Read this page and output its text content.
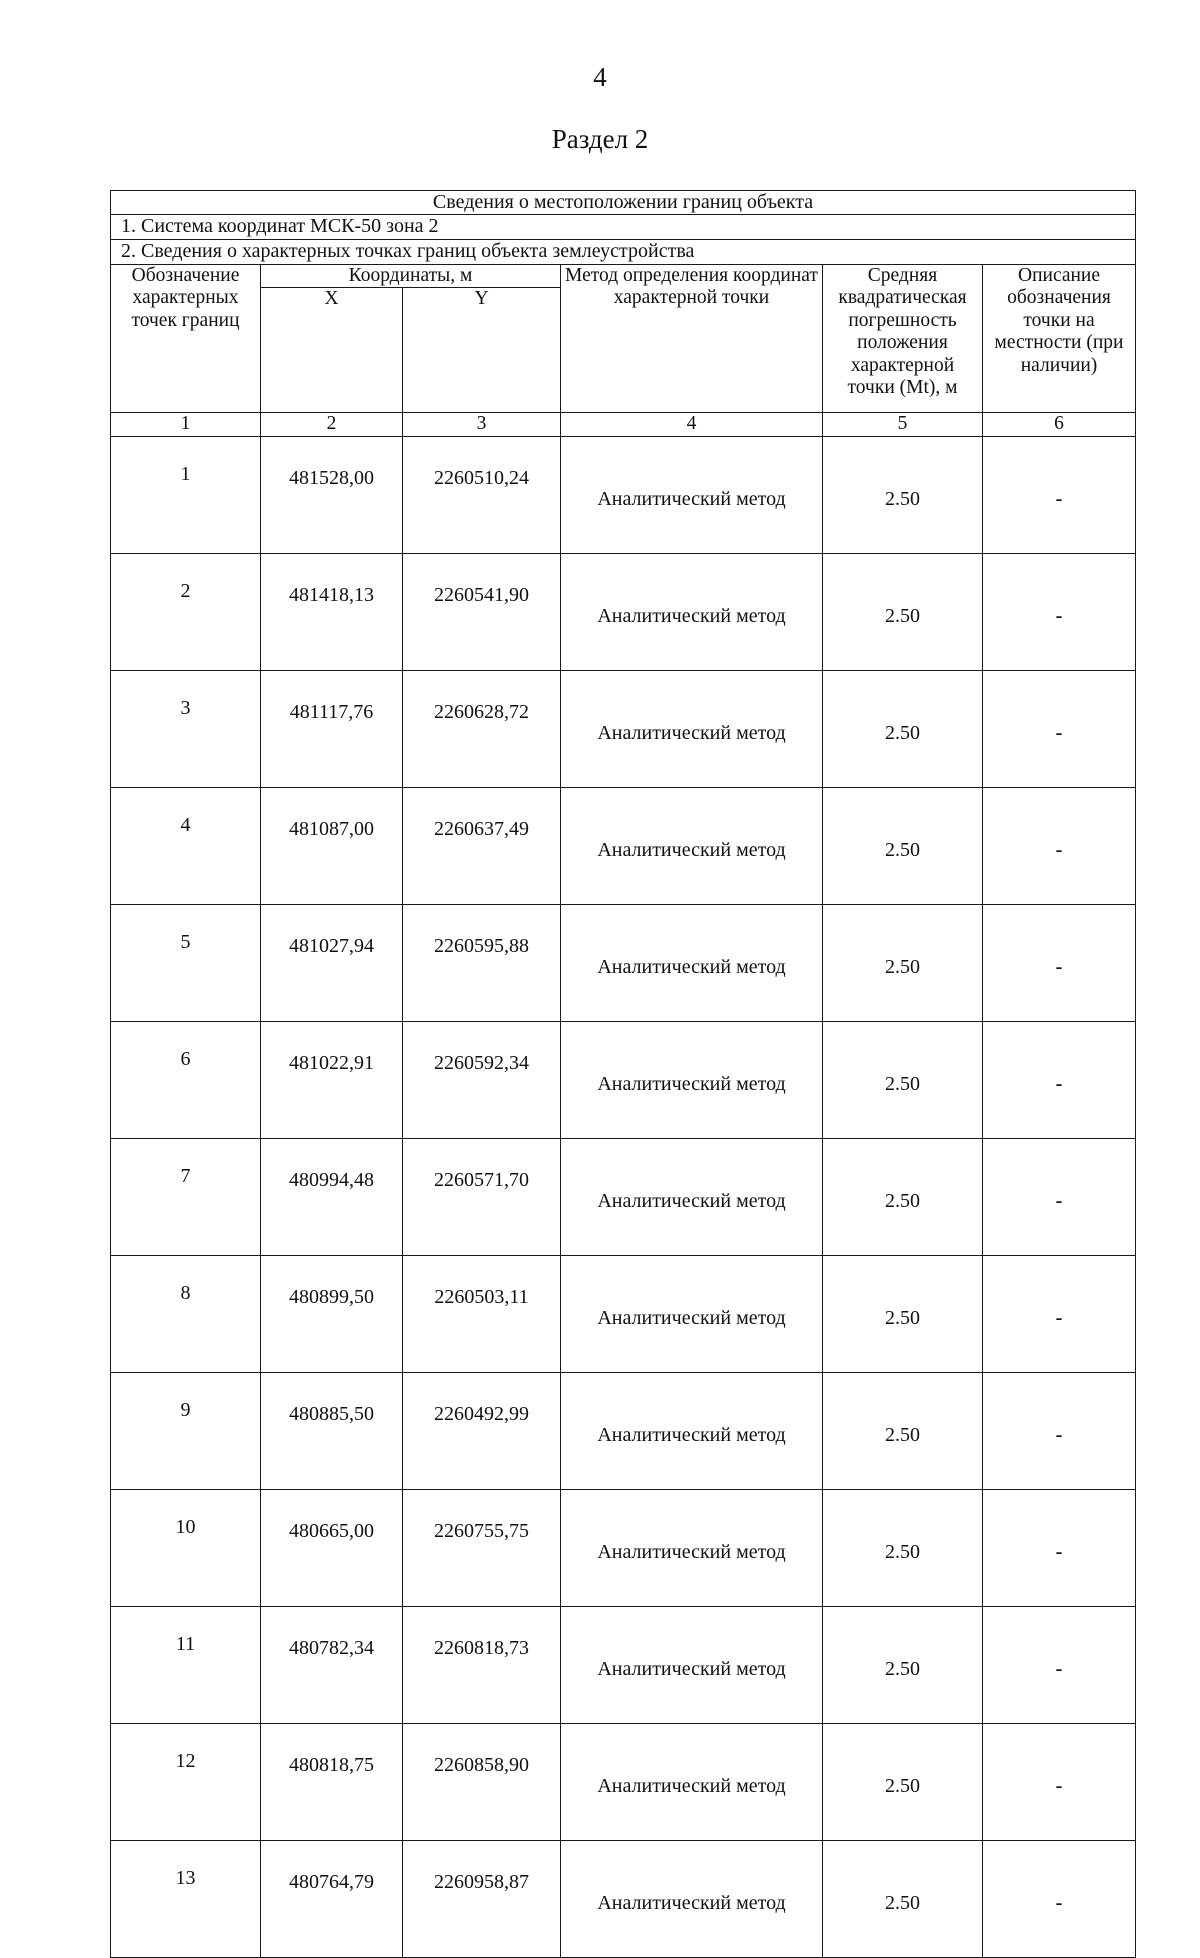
4
Раздел 2
Сведения о местоположении границ объекта					
1. Система координат МСК-50 зона 2					
2. Сведения о характерных точках границ объекта землеустройства					
Обозначение характерных точек границ	Координаты, м		Метод определения координат характерной точки	Средняя квадратическая погрешность положения характерной точки (Mt), м	Описание обозначения точки на местности (при наличии)
	X	Y			
1	2	3	4	5	6
1	481528,00	2260510,24	Аналитический метод	2.50	-
2	481418,13	2260541,90	Аналитический метод	2.50	-
3	481117,76	2260628,72	Аналитический метод	2.50	-
4	481087,00	2260637,49	Аналитический метод	2.50	-
5	481027,94	2260595,88	Аналитический метод	2.50	-
6	481022,91	2260592,34	Аналитический метод	2.50	-
7	480994,48	2260571,70	Аналитический метод	2.50	-
8	480899,50	2260503,11	Аналитический метод	2.50	-
9	480885,50	2260492,99	Аналитический метод	2.50	-
10	480665,00	2260755,75	Аналитический метод	2.50	-
11	480782,34	2260818,73	Аналитический метод	2.50	-
12	480818,75	2260858,90	Аналитический метод	2.50	-
13	480764,79	2260958,87	Аналитический метод	2.50	-
